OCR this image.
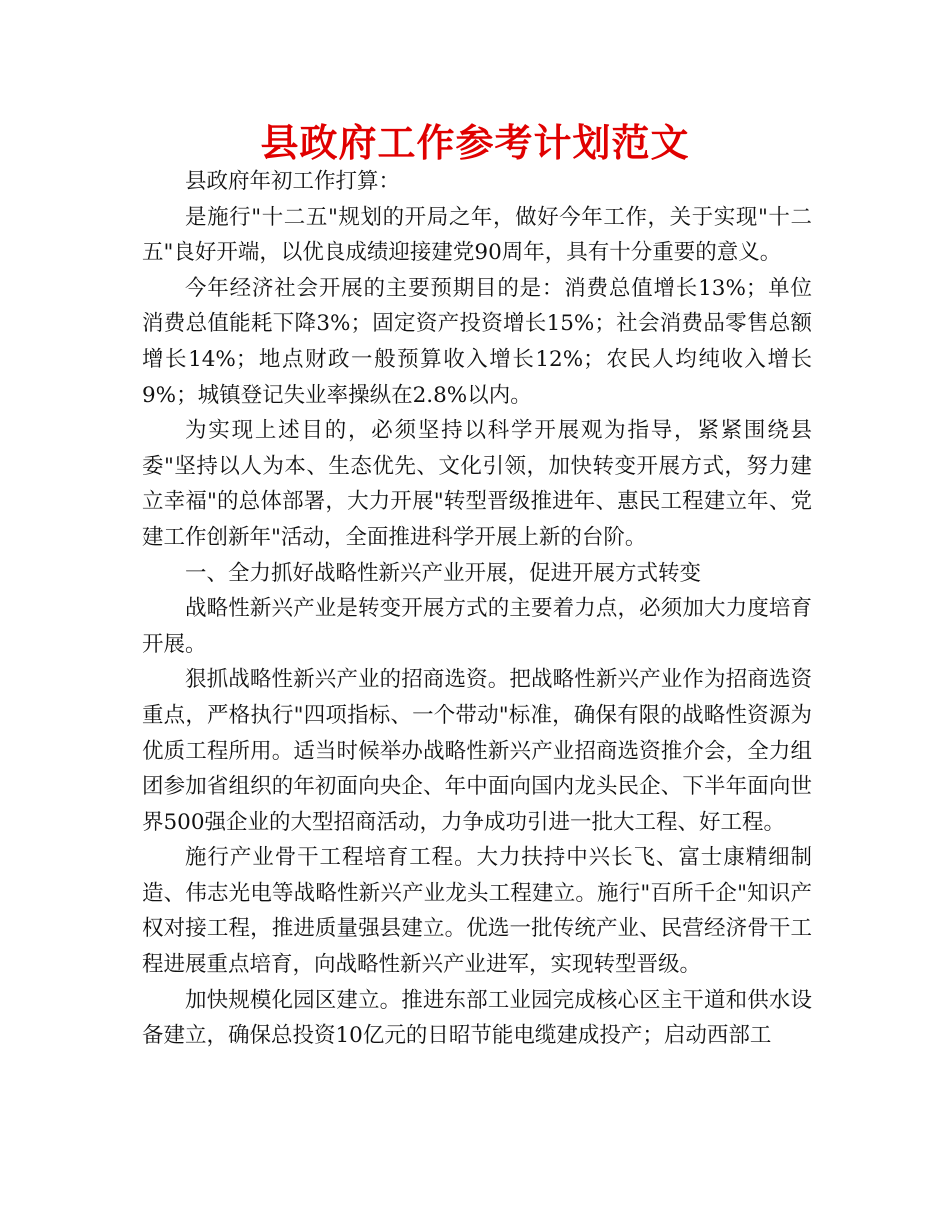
县政府工作参考计划范文

县政府年初工作打算：

是施行"十二五"规划的开局之年，做好今年工作，关于实现"十二五"良好开端，以优良成绩迎接建党90周年，具有十分重要的意义。

今年经济社会开展的主要预期目的是：消费总值增长13%；单位消费总值能耗下降3%；固定资产投资增长15%；社会消费品零售总额增长14%；地点财政一般预算收入增长12%；农民人均纯收入增长9%；城镇登记失业率操纵在2.8%以内。

为实现上述目的，必须坚持以科学开展观为指导，紧紧围绕县委"坚持以人为本、生态优先、文化引领，加快转变开展方式，努力建立幸福"的总体部署，大力开展"转型晋级推进年、惠民工程建立年、党建工作创新年"活动，全面推进科学开展上新的台阶。

一、全力抓好战略性新兴产业开展，促进开展方式转变

战略性新兴产业是转变开展方式的主要着力点，必须加大力度培育开展。

狠抓战略性新兴产业的招商选资。把战略性新兴产业作为招商选资重点，严格执行"四项指标、一个带动"标准，确保有限的战略性资源为优质工程所用。适当时候举办战略性新兴产业招商选资推介会，全力组团参加省组织的年初面向央企、年中面向国内龙头民企、下半年面向世界500强企业的大型招商活动，力争成功引进一批大工程、好工程。

施行产业骨干工程培育工程。大力扶持中兴长飞、富士康精细制造、伟志光电等战略性新兴产业龙头工程建立。施行"百所千企"知识产权对接工程，推进质量强县建立。优选一批传统产业、民营经济骨干工程进展重点培育，向战略性新兴产业进军，实现转型晋级。

加快规模化园区建立。推进东部工业园完成核心区主干道和供水设备建立，确保总投资10亿元的日昭节能电缆建成投产；启动西部工
